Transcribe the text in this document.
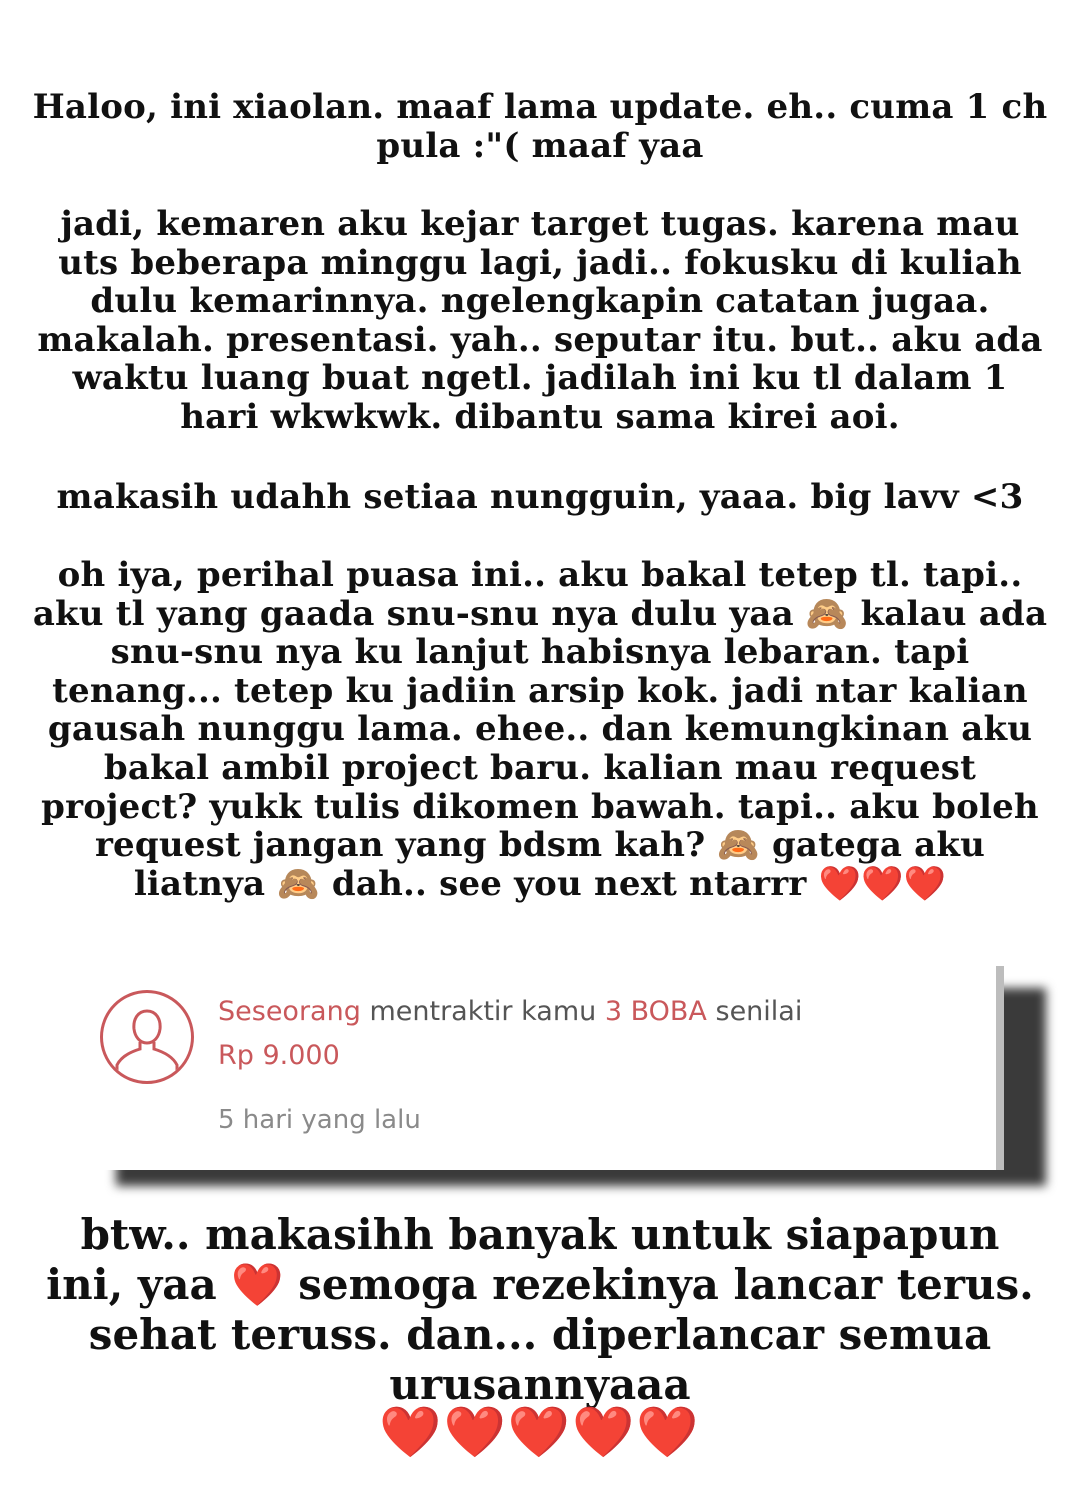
Haloo, ini xiaolan. maaf lama update. eh.. cuma 1 ch pula :"( maaf yaa

jadi, kemaren aku kejar target tugas. karena mau uts beberapa minggu lagi, jadi.. fokusku di kuliah dulu kemarinnya. ngelengkapin catatan jugaa. makalah. presentasi. yah.. seputar itu. but.. aku ada waktu luang buat ngetl. jadilah ini ku tl dalam 1 hari wkwkwk. dibantu sama kirei aoi.

makasih udahh setiaa nungguin, yaaa. big lavv <3

oh iya, perihal puasa ini.. aku bakal tetep tl. tapi.. aku tl yang gaada snu-snu nya dulu yaa 🙈 kalau ada snu-snu nya ku lanjut habisnya lebaran. tapi tenang... tetep ku jadiin arsip kok. jadi ntar kalian gausah nunggu lama. ehee.. dan kemungkinan aku bakal ambil project baru. kalian mau request project? yukk tulis dikomen bawah. tapi.. aku boleh request jangan yang bdsm kah? 🙈 gatega aku liatnya 🙈 dah.. see you next ntarrr ❤️❤️❤️

Seseorang mentraktir kamu 3 BOBA senilai
Rp 9.000
5 hari yang lalu

btw.. makasihh banyak untuk siapapun ini, yaa ❤️ semoga rezekinya lancar terus. sehat teruss. dan... diperlancar semua urusannyaaa

❤️❤️❤️❤️❤️
